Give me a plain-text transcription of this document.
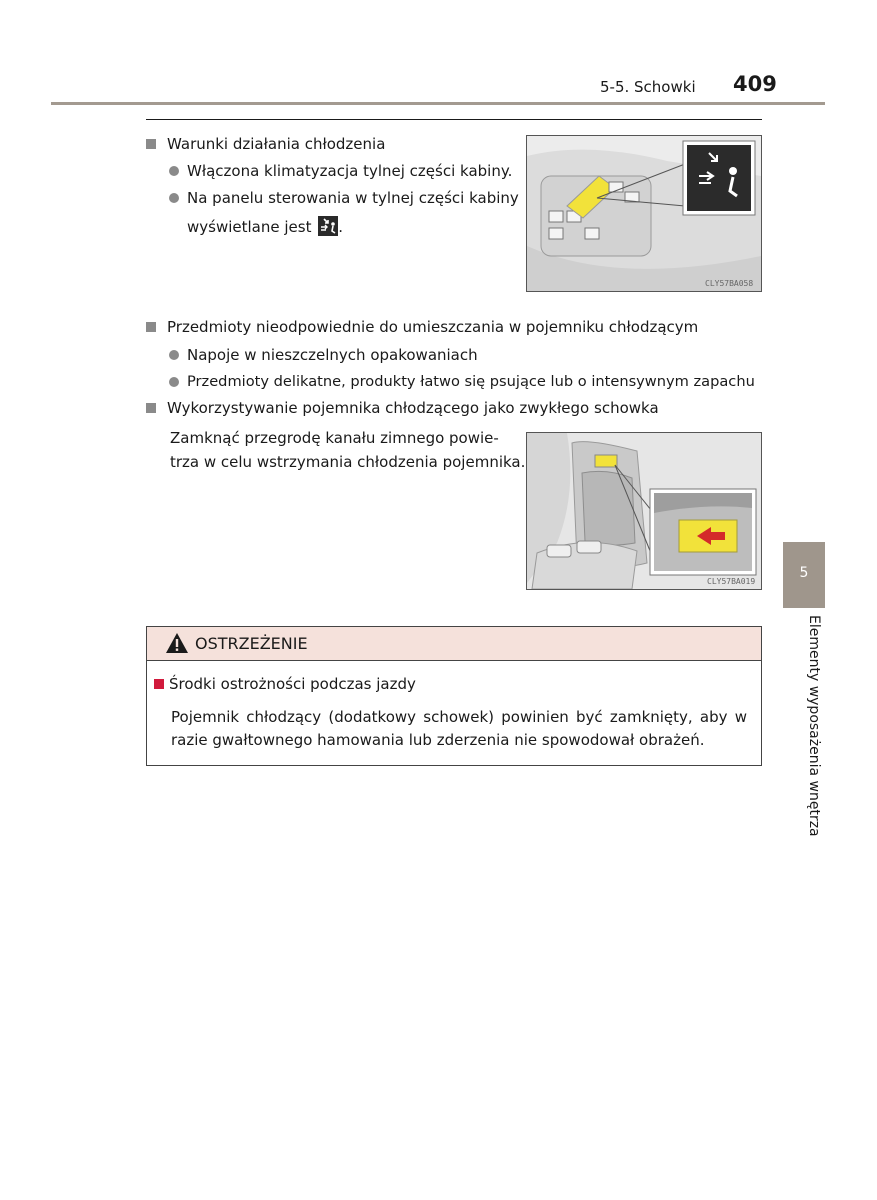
5-5. Schowki 409
Warunki działania chłodzenia
Włączona klimatyzacja tylnej części kabiny.
Na panelu sterowania w tylnej części kabiny
wyświetlane jest .
CLY57BA058
Przedmioty nieodpowiednie do umieszczania w pojemniku chłodzącym
Napoje w nieszczelnych opakowaniach
Przedmioty delikatne, produkty łatwo się psujące lub o intensywnym zapachu
Wykorzystywanie pojemnika chłodzącego jako zwykłego schowka
Zamknąć przegrodę kanału zimnego powie-
trza w celu wstrzymania chłodzenia pojemnika.
CLY57BA019
OSTRZEŻENIE
Środki ostrożności podczas jazdy
Pojemnik chłodzący (dodatkowy schowek) powinien być zamknięty, aby w razie gwałtownego hamowania lub zderzenia nie spowodował obrażeń.
5
Elementy wyposażenia wnętrza
